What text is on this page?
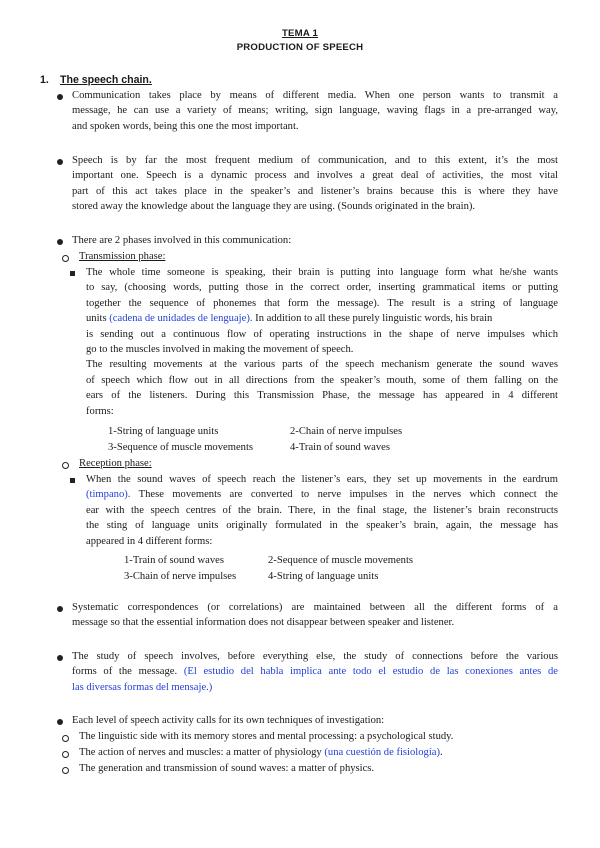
TEMA 1
PRODUCTION OF SPEECH
1. The speech chain.
Communication takes place by means of different media. When one person wants to transmit a
message, he can use a variety of means; writing, sign language, waving flags in a pre-arranged way,
and spoken words, being this one the most important.
Speech is by far the most frequent medium of communication, and to this extent, it’s the most
important one. Speech is a dynamic process and involves a great deal of activities, the most vital
part of this act takes place in the speaker’s and listener’s brains because this is where they have
stored away the knowledge about the language they are using. (Sounds originated in the brain).
There are 2 phases involved in this communication:
Transmission phase:
The whole time someone is speaking, their brain is putting into language form what he/she wants
to say, (choosing words, putting those in the correct order, inserting grammatical items or putting
together the sequence of phonemes that form the message). The result is a string of language
units (cadena de unidades de lenguaje). In addition to all these purely linguistic words, his brain
is sending out a continuous flow of operating instructions in the shape of nerve impulses which
go to the muscles involved in making the movement of speech.
The resulting movements at the various parts of the speech mechanism generate the sound waves
of speech which flow out in all directions from the speaker’s mouth, some of them falling on the
ears of the listeners. During this Transmission Phase, the message has appeared in 4 different
forms:
1-String of language units	2-Chain of nerve impulses
3-Sequence of muscle movements	4-Train of sound waves
Reception phase:
When the sound waves of speech reach the listener’s ears, they set up movements in the eardrum
(timpano). These movements are converted to nerve impulses in the nerves which connect the
ear with the speech centres of the brain. There, in the final stage, the listener’s brain reconstructs
the sting of language units originally formulated in the speaker’s brain, again, the message has
appeared in 4 different forms:
1-Train of sound waves	2-Sequence of muscle movements
3-Chain of nerve impulses	4-String of language units
Systematic correspondences (or correlations) are maintained between all the different forms of a
message so that the essential information does not disappear between speaker and listener.
The study of speech involves, before everything else, the study of connections before the various
forms of the message. (El estudio del habla implica ante todo el estudio de las conexiones antes de
las diversas formas del mensaje.)
Each level of speech activity calls for its own techniques of investigation:
The linguistic side with its memory stores and mental processing: a psychological study.
The action of nerves and muscles: a matter of physiology (una cuestión de fisiología).
The generation and transmission of sound waves: a matter of physics.
